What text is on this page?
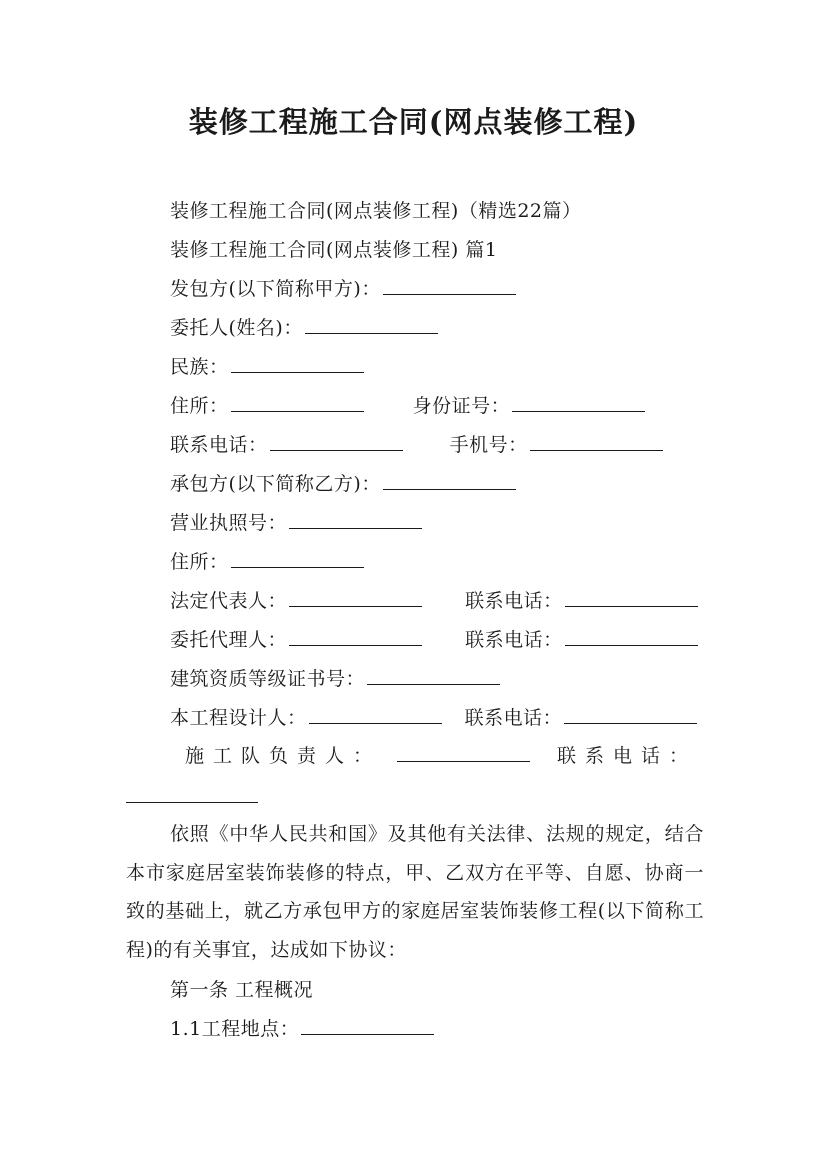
装修工程施工合同(网点装修工程)
装修工程施工合同(网点装修工程)（精选22篇）
装修工程施工合同(网点装修工程) 篇1
发包方(以下简称甲方)：
委托人(姓名)：
民族：
住所：	身份证号：
联系电话：	手机号：
承包方(以下简称乙方)：
营业执照号：
住所：
法定代表人：	联系电话：
委托代理人：	联系电话：
建筑资质等级证书号：
本工程设计人：	联系电话：
施工队负责人：	联系电话：

依照《中华人民共和国》及其他有关法律、法规的规定，结合本市家庭居室装饰装修的特点，甲、乙双方在平等、自愿、协商一致的基础上，就乙方承包甲方的家庭居室装饰装修工程(以下简称工程)的有关事宜，达成如下协议：

第一条 工程概况
1.1工程地点：
